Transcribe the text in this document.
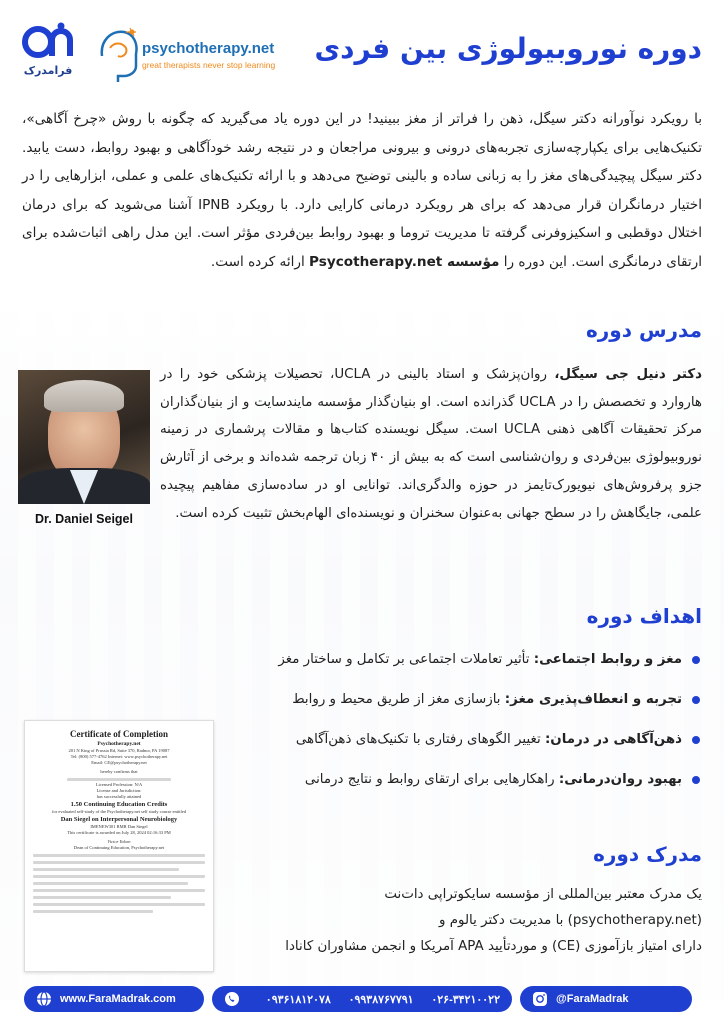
فرامدرک
psychotherapy.net
great therapists never stop learning دوره نوروبیولوژی بین فردی
با رویکرد نوآورانه دکتر سیگل، ذهن را فراتر از مغز ببینید! در این دوره یاد می‌گیرید که چگونه با روش «چرخ آگاهی»، تکنیک‌هایی برای یکپارچه‌سازی تجربه‌های درونی و بیرونی مراجعان و در نتیجه رشد خودآگاهی و بهبود روابط، دست یابید. دکتر سیگل پیچیدگی‌های مغز را به زبانی ساده و بالینی توضیح می‌دهد و با ارائه تکنیک‌های علمی و عملی، ابزارهایی را در اختیار درمانگران قرار می‌دهد که برای هر رویکرد درمانی کارایی دارد. با رویکرد IPNB آشنا می‌شوید که برای درمان اختلال دوقطبی و اسکیزوفرنی گرفته تا مدیریت تروما و بهبود روابط بین‌فردی مؤثر است. این مدل راهی اثبات‌شده برای ارتقای درمانگری است. این دوره را مؤسسه Psycotherapy.net ارائه کرده است.
مدرس دوره
Dr. Daniel Seigel
دکتر دنیل جی سیگل، روان‌پزشک و استاد بالینی در UCLA، تحصیلات پزشکی خود را در هاروارد و تخصصش را در UCLA گذرانده است. او بنیان‌گذار مؤسسه مایندسایت و از بنیان‌گذاران مرکز تحقیقات آگاهی ذهنی UCLA است. سیگل نویسنده کتاب‌ها و مقالات پرشماری در زمینه نوروبیولوژی بین‌فردی و روان‌شناسی است که به بیش از ۴۰ زبان ترجمه شده‌اند و برخی از آثارش جزو پرفروش‌های نیویورک‌تایمز در حوزه والدگری‌اند. توانایی او در ساده‌سازی مفاهیم پیچیده علمی، جایگاهش را در سطح جهانی به‌عنوان سخنران و نویسنده‌ای الهام‌بخش تثبیت کرده است.
اهداف دوره
مغز و روابط اجتماعی: تأثیر تعاملات اجتماعی بر تکامل و ساختار مغز
تجربه و انعطاف‌پذیری مغز: بازسازی مغز از طریق محیط و روابط
ذهن‌آگاهی در درمان: تغییر الگوهای رفتاری با تکنیک‌های ذهن‌آگاهی
بهبود روان‌درمانی: راهکارهایی برای ارتقای روابط و نتایج درمانی
Certificate of Completion
Psychotherapy.net
201 N King of Prussia Rd, Suite 370, Radnor, PA 19087
Tel: (800) 577-4762 Internet: www.psychotherapy.net
Email: CE@psychotherapy.net
hereby confirms that
Licensed Profession: N/A
License and Jurisdiction:
has successfully attained
1.50 Continuing Education Credits
for evaluated self-study of the Psychotherapy.net self study course entitled
Dan Siegel on Interpersonal Neurobiology
IMENEW301 RMR Dan Siegel
This certificate is awarded on July 28, 2024 02:16:33 PM
Victor Yalom
Dean of Continuing Education, Psychotherapy.net	مدرک دوره
یک مدرک معتبر بین‌المللی از مؤسسه سایکوتراپی دات‌نت
(psychotherapy.net) با مدیریت دکتر یالوم و
دارای امتیاز بازآموزی (CE) و موردتأیید APA آمریکا و انجمن مشاوران کانادا
www.FaraMadrak.com	۰۹۳۶۱۸۱۲۰۷۸ ۰۹۹۳۸۷۶۷۷۹۱ ۰۲۶-۳۴۲۱۰۰۲۲	@FaraMadrak
